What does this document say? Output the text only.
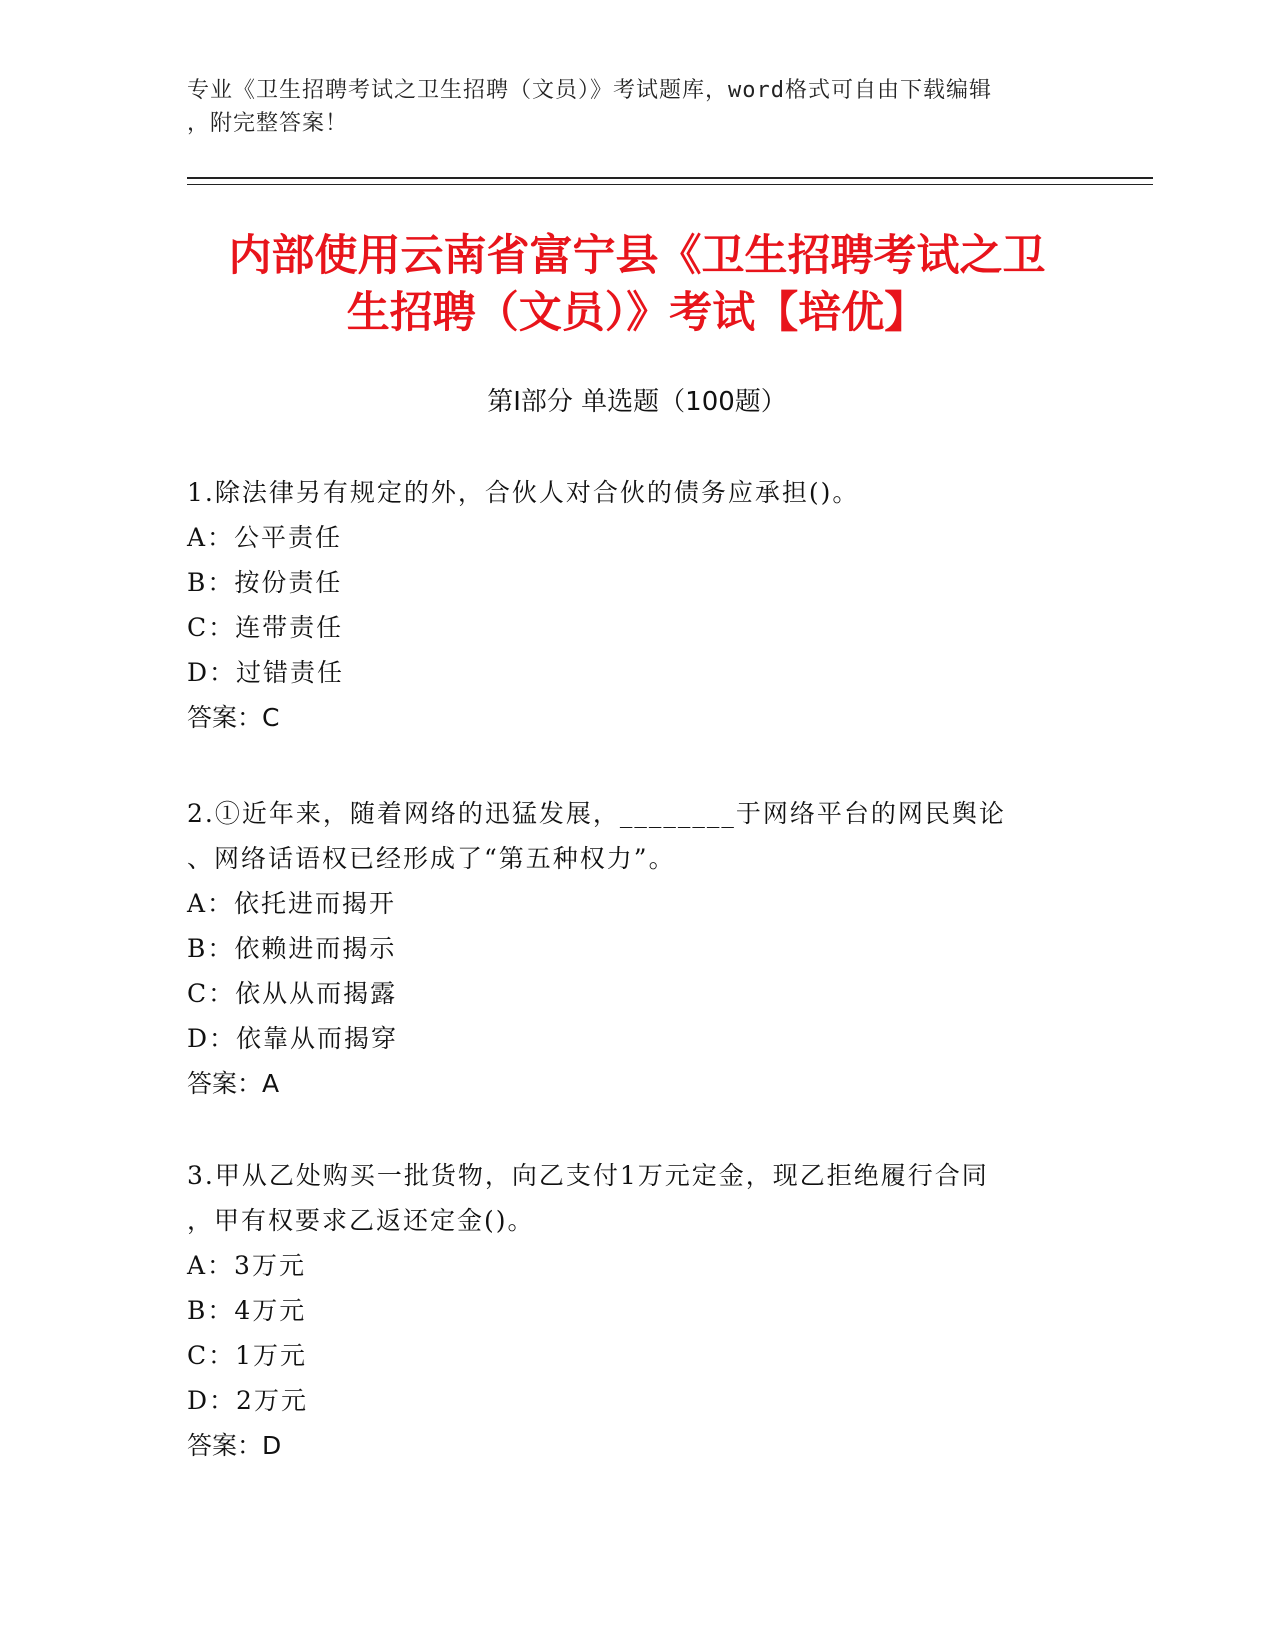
专业《卫生招聘考试之卫生招聘（文员）》考试题库，word格式可自由下载编辑
，附完整答案！
内部使用云南省富宁县《卫生招聘考试之卫
生招聘（文员）》考试【培优】
第Ⅰ部分 单选题（100题）
1.除法律另有规定的外，合伙人对合伙的债务应承担()。
A：公平责任
B：按份责任
C：连带责任
D：过错责任
答案：C
2.①近年来，随着网络的迅猛发展，________于网络平台的网民舆论
、网络话语权已经形成了“第五种权力”。
A：依托进而揭开
B：依赖进而揭示
C：依从从而揭露
D：依靠从而揭穿
答案：A
3.甲从乙处购买一批货物，向乙支付1万元定金，现乙拒绝履行合同
，甲有权要求乙返还定金()。
A：3万元
B：4万元
C：1万元
D：2万元
答案：D
